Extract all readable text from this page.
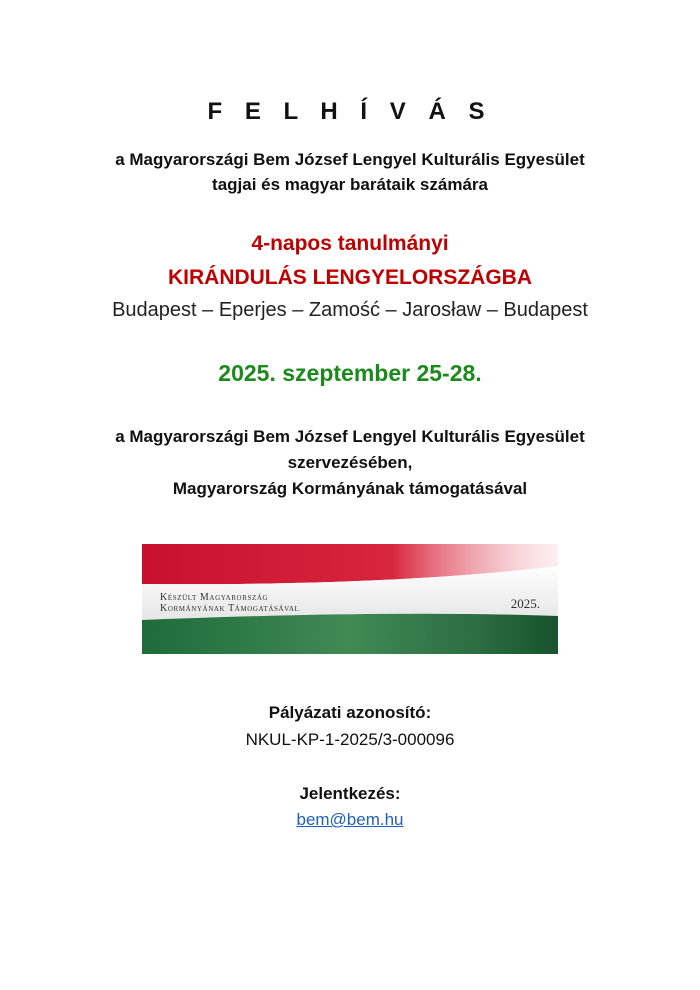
F E L H Í V Á S
a Magyarországi Bem József Lengyel Kulturális Egyesület
tagjai és magyar barátaik számára
4-napos tanulmányi
KIRÁNDULÁS LENGYELORSZÁGBA
Budapest – Eperjes – Zamość – Jarosław – Budapest
2025. szeptember 25-28.
a Magyarországi Bem József Lengyel Kulturális Egyesület
szervezésében,
Magyarország Kormányának támogatásával
Készült Magyarország
Kormányának Támogatásával	2025.
Pályázati azonosító:
NKUL-KP-1-2025/3-000096
Jelentkezés:
bem@bem.hu
